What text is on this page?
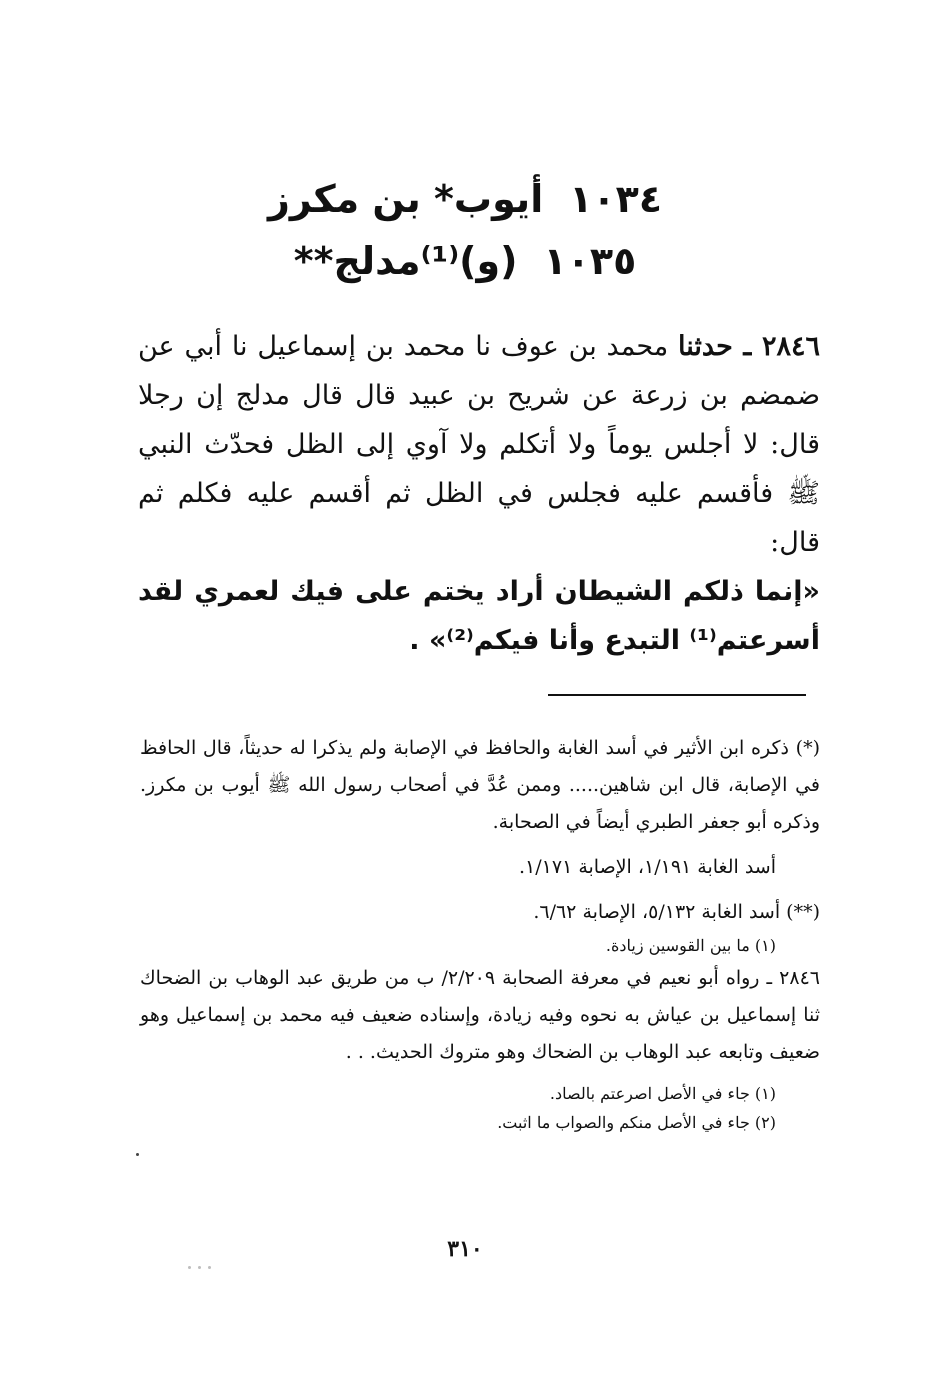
١٠٣٤أيوب* بن مكرز

١٠٣٥(و)⁽¹⁾مدلج**

٢٨٤٦ ـ حدثنا محمد بن عوف نا محمد بن إسماعيل نا أبي عن ضمضم بن زرعة عن شريح بن عبيد قال قال مدلج إن رجلا قال: لا أجلس يوماً ولا أتكلم ولا آوي إلى الظل فحدّث النبي ﷺ فأقسم عليه فجلس في الظل ثم أقسم عليه فكلم ثم قال:

«إنما ذلكم الشيطان أراد يختم على فيك لعمري لقد أسرعتم⁽¹⁾ التبدع وأنا فيكم⁽²⁾» .

(*) ذكره ابن الأثير في أسد الغابة والحافظ في الإصابة ولم يذكرا له حديثاً، قال الحافظ في الإصابة، قال ابن شاهين..... وممن عُدَّ في أصحاب رسول الله ﷺ أيوب بن مكرز. وذكره أبو جعفر الطبري أيضاً في الصحابة.

أسد الغابة ١/١٩١، الإصابة ١/١٧١.

(**) أسد الغابة ٥/١٣٢، الإصابة ٦/٦٢.

(١) ما بين القوسين زيادة.

٢٨٤٦ ـ رواه أبو نعيم في معرفة الصحابة ٢/٢٠٩/ ب من طريق عبد الوهاب بن الضحاك ثنا إسماعيل بن عياش به نحوه وفيه زيادة، وإسناده ضعيف فيه محمد بن إسماعيل وهو ضعيف وتابعه عبد الوهاب بن الضحاك وهو متروك الحديث. . .

(١) جاء في الأصل اصرعتم بالصاد.

(٢) جاء في الأصل منكم والصواب ما اثبت.

٣١٠
